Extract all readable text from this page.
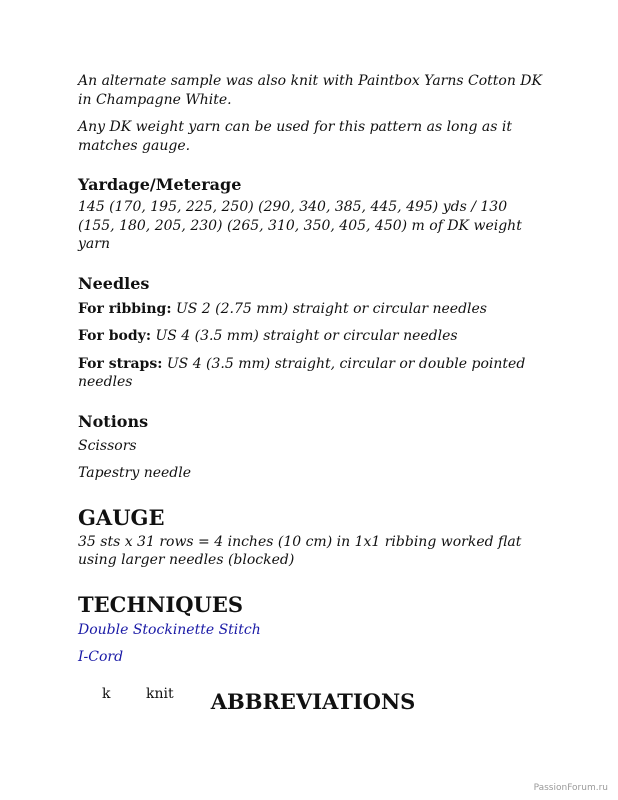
An alternate sample was also knit with Paintbox Yarns Cotton DK in Champagne White.

Any DK weight yarn can be used for this pattern as long as it matches gauge.

Yardage/Meterage

145 (170, 195, 225, 250) (290, 340, 385, 445, 495) yds / 130 (155, 180, 205, 230) (265, 310, 350, 405, 450) m of DK weight yarn

Needles

For ribbing: US 2 (2.75 mm) straight or circular needles

For body: US 4 (3.5 mm) straight or circular needles

For straps: US 4 (3.5 mm) straight, circular or double pointed needles

Notions

Scissors

Tapestry needle

GAUGE

35 sts x 31 rows = 4 inches (10 cm) in 1x1 ribbing worked flat using larger needles (blocked)

TECHNIQUES

Double Stockinette Stitch

I-Cord

ABBREVIATIONS

k	knit
PassionForum.ru
